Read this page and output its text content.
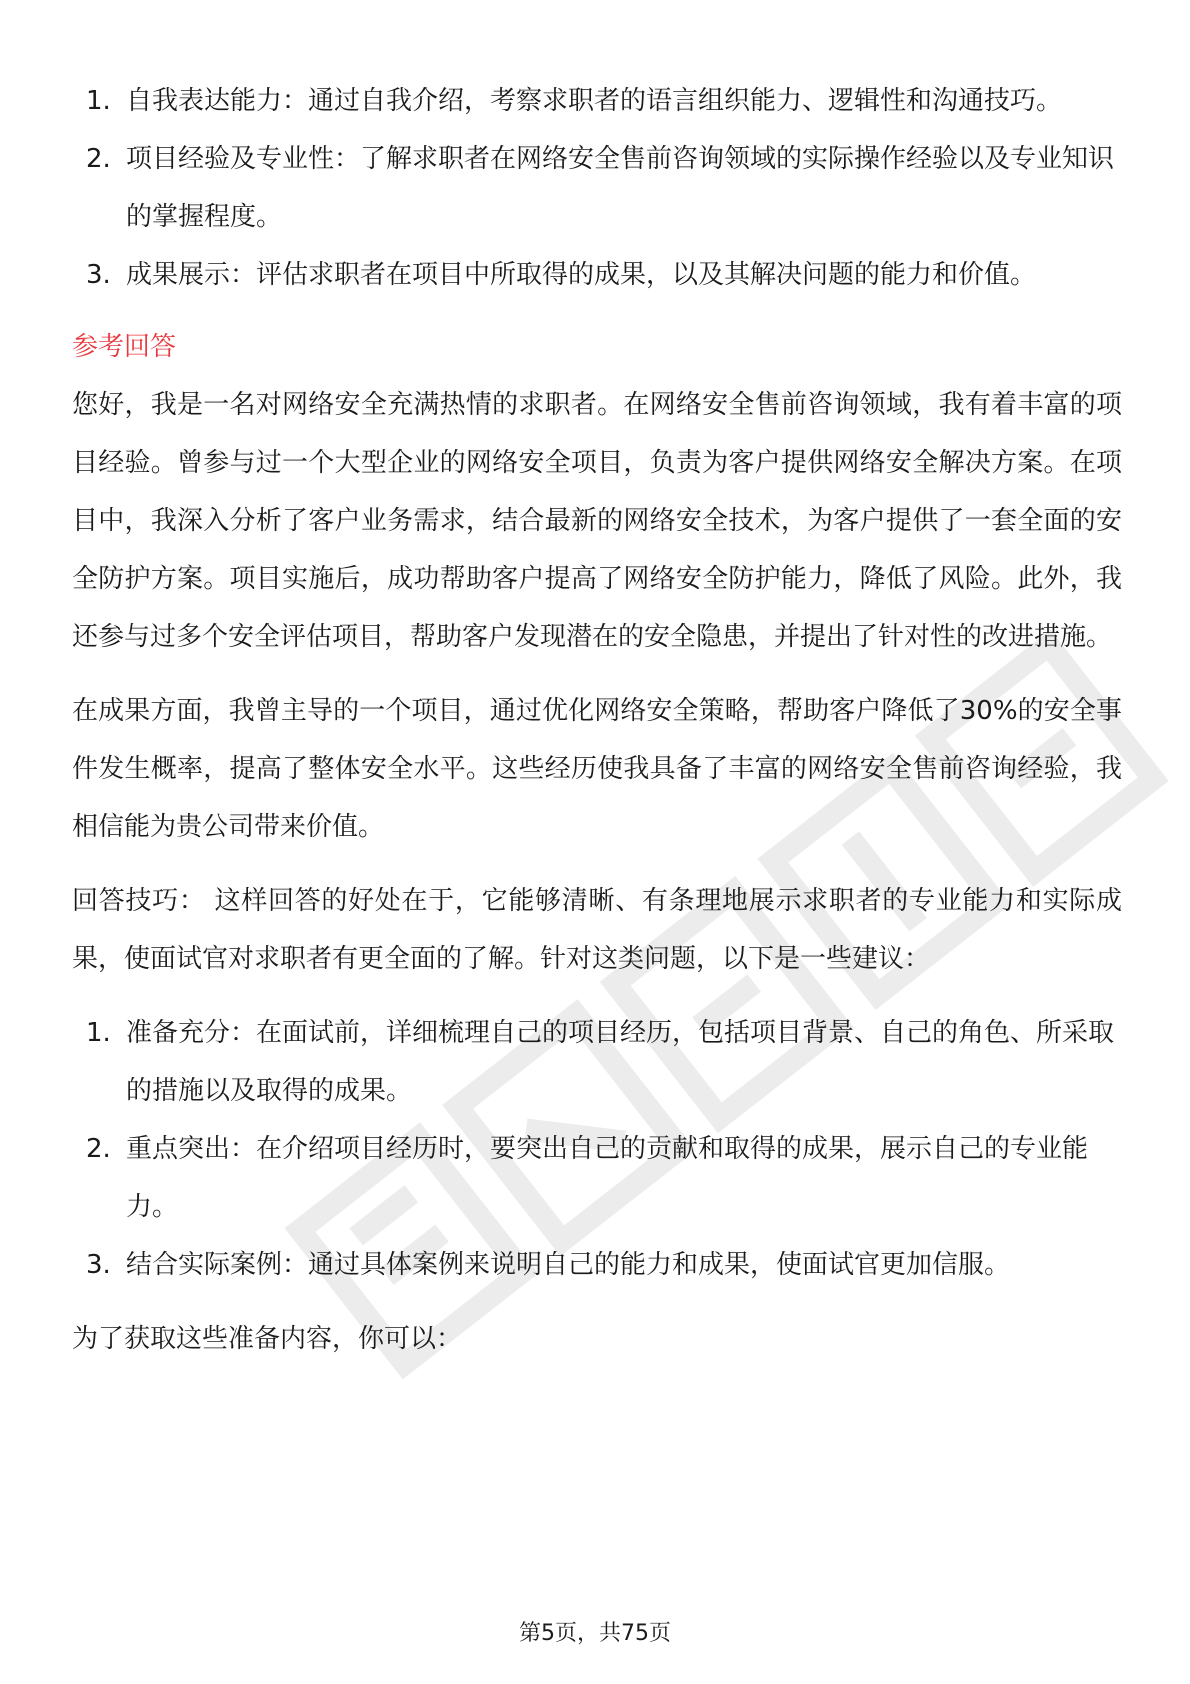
1. 自我表达能力：通过自我介绍，考察求职者的语言组织能力、逻辑性和沟通技巧。
2. 项目经验及专业性：了解求职者在网络安全售前咨询领域的实际操作经验以及专业知识的掌握程度。
3. 成果展示：评估求职者在项目中所取得的成果，以及其解决问题的能力和价值。
参考回答

您好，我是一名对网络安全充满热情的求职者。在网络安全售前咨询领域，我有着丰富的项目经验。曾参与过一个大型企业的网络安全项目，负责为客户提供网络安全解决方案。在项目中，我深入分析了客户业务需求，结合最新的网络安全技术，为客户提供了一套全面的安全防护方案。项目实施后，成功帮助客户提高了网络安全防护能力，降低了风险。此外，我还参与过多个安全评估项目，帮助客户发现潜在的安全隐患，并提出了针对性的改进措施。

在成果方面，我曾主导的一个项目，通过优化网络安全策略，帮助客户降低了30%的安全事件发生概率，提高了整体安全水平。这些经历使我具备了丰富的网络安全售前咨询经验，我相信能为贵公司带来价值。

回答技巧： 这样回答的好处在于，它能够清晰、有条理地展示求职者的专业能力和实际成果，使面试官对求职者有更全面的了解。针对这类问题，以下是一些建议：

1. 准备充分：在面试前，详细梳理自己的项目经历，包括项目背景、自己的角色、所采取的措施以及取得的成果。
2. 重点突出：在介绍项目经历时，要突出自己的贡献和取得的成果，展示自己的专业能力。
3. 结合实际案例：通过具体案例来说明自己的能力和成果，使面试官更加信服。

为了获取这些准备内容，你可以：

第5页，共75页
